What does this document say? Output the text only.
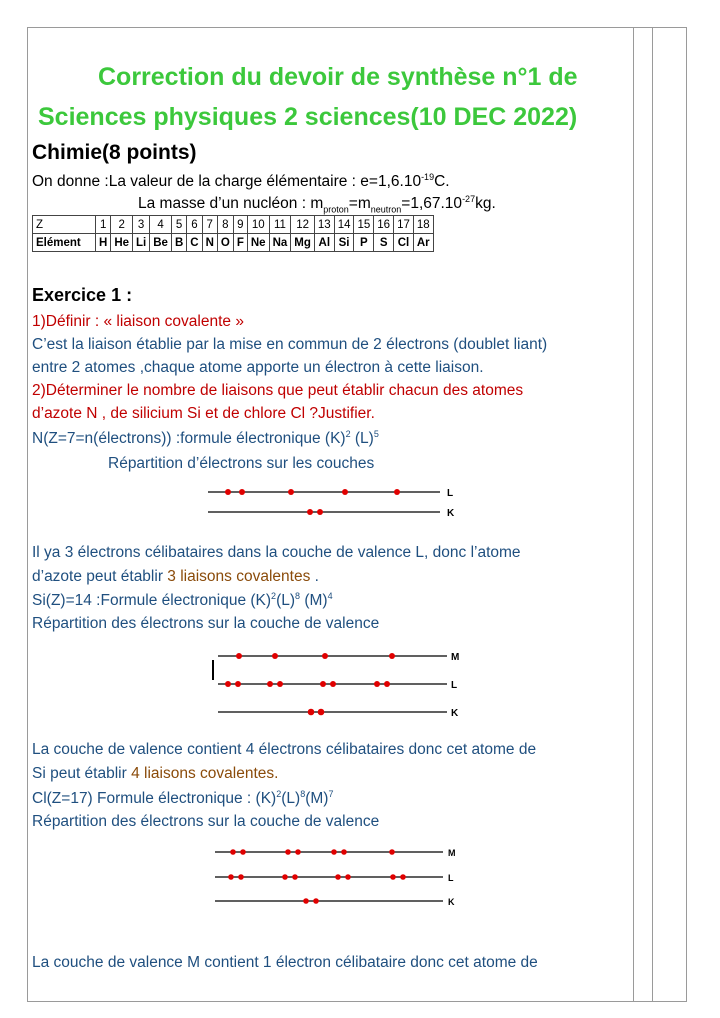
Correction du devoir de synthèse n°1 de
Sciences physiques 2 sciences(10 DEC 2022)
Chimie(8 points)
On donne :La valeur de la charge élémentaire : $e=1,6.10^{-19}C$.
La masse d’un nucléon : $m_{proton}=m_{neutron}=1,67.10^{-27}kg$.
Z	1	2	3	4	5	6	7	8	9	10	11	12	13	14	15	16	17	18
Elément	H	He	Li	Be	B	C	N	O	F	Ne	Na	Mg	Al	Si	P	S	Cl	Ar
Exercice 1 :
1)Définir : « liaison covalente »
C’est la liaison établie par la mise en commun de 2 électrons (doublet liant)
entre 2 atomes ,chaque atome apporte un électron à cette liaison.
2)Déterminer le nombre de liaisons que peut établir chacun des atomes
d’azote N , de silicium Si et de chlore Cl ?Justifier.
N(Z=7=n(électrons)) :formule électronique $(K)^2$ $(L)^5$
Répartition d’électrons sur les couches
L
K
Il ya 3 électrons célibataires dans la couche de valence L, donc l’atome
d’azote peut établir 3 liaisons covalentes .
Si(Z)=14 :Formule électronique $(K)^2(L)^8$ $(M)^4$
Répartition des électrons sur la couche de valence
M
L
K
La couche de valence contient 4 électrons célibataires donc cet atome de
Si peut établir 4 liaisons covalentes.
Cl(Z=17) Formule électronique : $(K)^2(L)^8(M)^7$
Répartition des électrons sur la couche de valence
M
L
K
La couche de valence M contient 1 électron célibataire donc cet atome de
